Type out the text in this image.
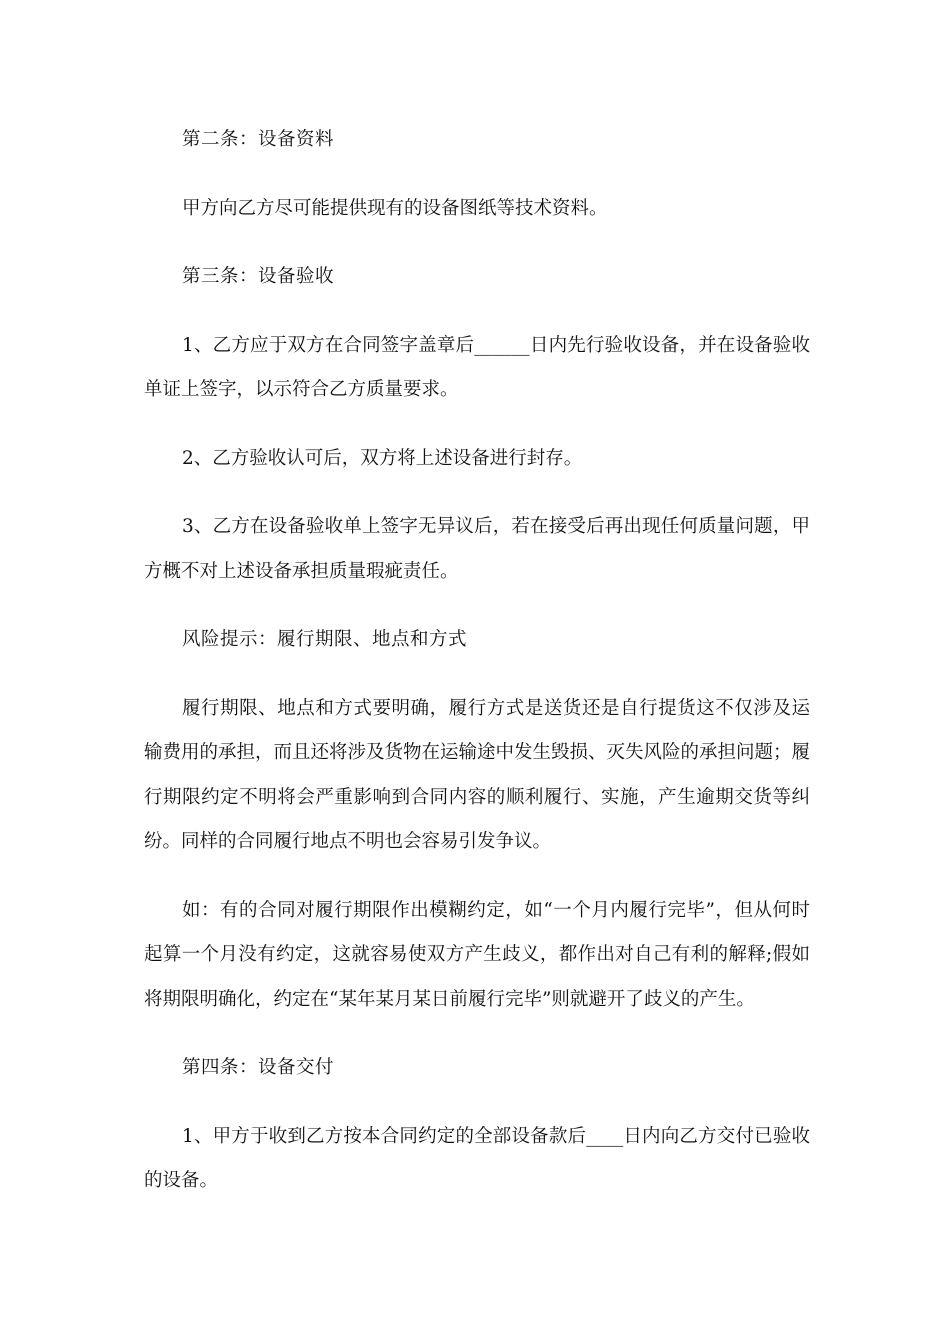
第二条：设备资料

甲方向乙方尽可能提供现有的设备图纸等技术资料。

第三条：设备验收

1、乙方应于双方在合同签字盖章后______日内先行验收设备，并在设备验收单证上签字，以示符合乙方质量要求。

2、乙方验收认可后，双方将上述设备进行封存。

3、乙方在设备验收单上签字无异议后，若在接受后再出现任何质量问题，甲方概不对上述设备承担质量瑕疵责任。

风险提示：履行期限、地点和方式

履行期限、地点和方式要明确，履行方式是送货还是自行提货这不仅涉及运输费用的承担，而且还将涉及货物在运输途中发生毁损、灭失风险的承担问题；履行期限约定不明将会严重影响到合同内容的顺利履行、实施，产生逾期交货等纠纷。同样的合同履行地点不明也会容易引发争议。

如：有的合同对履行期限作出模糊约定，如“一个月内履行完毕”，但从何时起算一个月没有约定，这就容易使双方产生歧义，都作出对自己有利的解释;假如将期限明确化，约定在“某年某月某日前履行完毕”则就避开了歧义的产生。

第四条：设备交付

1、甲方于收到乙方按本合同约定的全部设备款后____日内向乙方交付已验收的设备。
